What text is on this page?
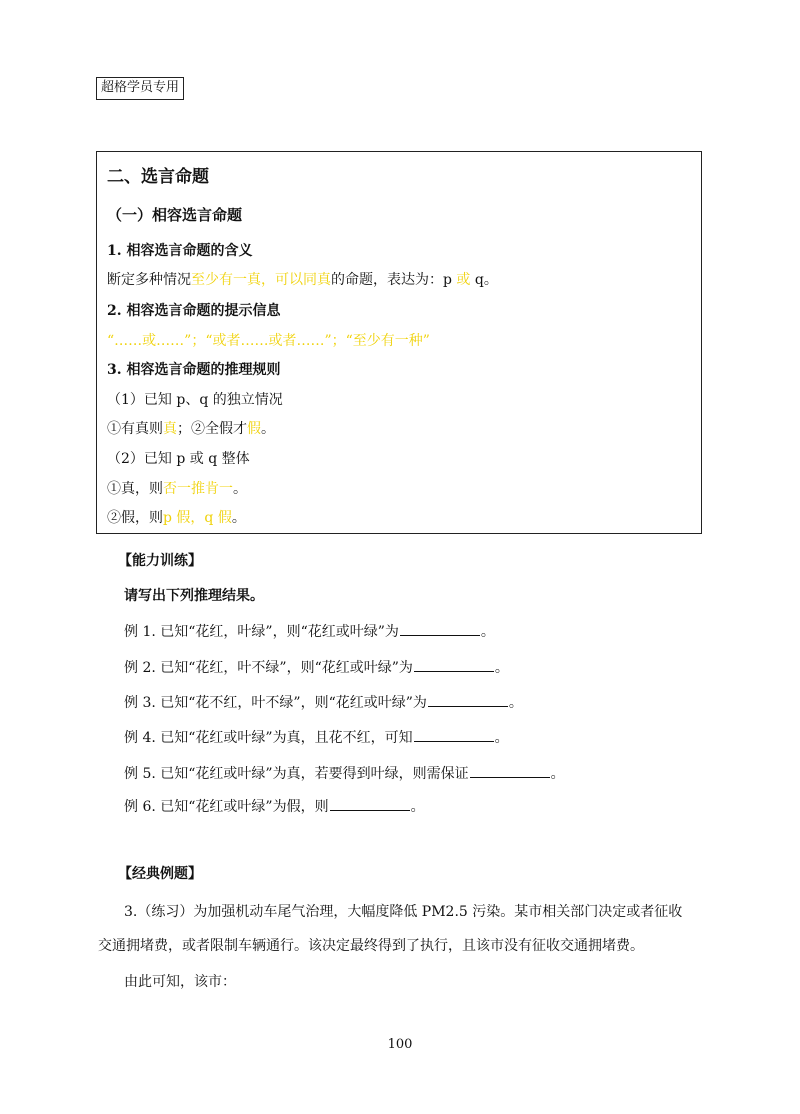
超格学员专用
二、选言命题
（一）相容选言命题
1. 相容选言命题的含义
断定多种情况至少有一真，可以同真的命题，表达为：p 或 q。
2. 相容选言命题的提示信息
“……或……”；“或者……或者……”；“至少有一种”
3. 相容选言命题的推理规则
（1）已知 p、q 的独立情况
①有真则真；②全假才假。
（2）已知 p 或 q 整体
①真，则否一推肯一。
②假，则p 假，q 假。
【能力训练】
请写出下列推理结果。
例 1. 已知“花红，叶绿”，则“花红或叶绿”为	。
例 2. 已知“花红，叶不绿”，则“花红或叶绿”为	。
例 3. 已知“花不红，叶不绿”，则“花红或叶绿”为	。
例 4. 已知“花红或叶绿”为真，且花不红，可知	。
例 5. 已知“花红或叶绿”为真，若要得到叶绿，则需保证	。
例 6. 已知“花红或叶绿”为假，则	。
【经典例题】
3.（练习）为加强机动车尾气治理，大幅度降低 PM2.5 污染。某市相关部门决定或者征收
交通拥堵费，或者限制车辆通行。该决定最终得到了执行，且该市没有征收交通拥堵费。
由此可知，该市：
100
